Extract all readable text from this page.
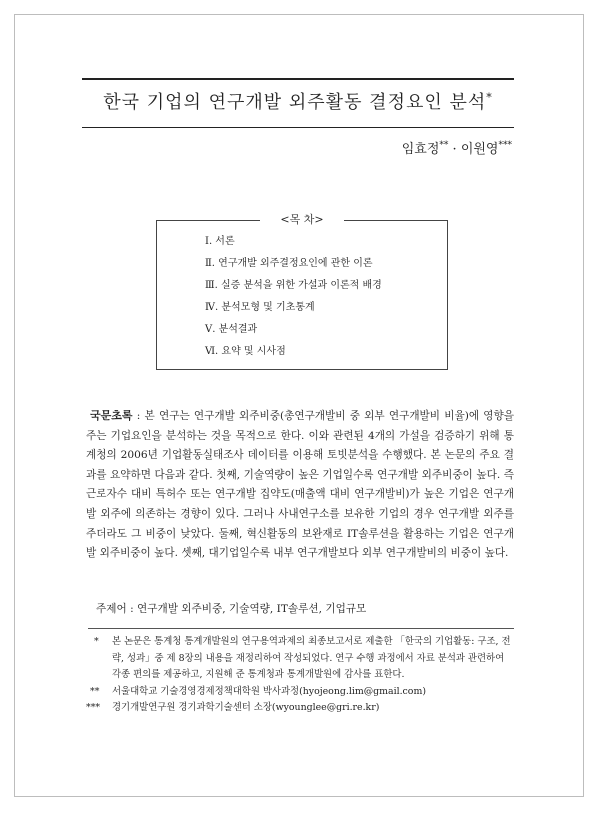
한국 기업의 연구개발 외주활동 결정요인 분석*
임효정** · 이원영***
<목 차>
Ⅰ. 서론
Ⅱ. 연구개발 외주결정요인에 관한 이론
Ⅲ. 실증 분석을 위한 가설과 이론적 배경
Ⅳ. 분석모형 및 기초통계
Ⅴ. 분석결과
Ⅵ. 요약 및 시사점

국문초록 : 본 연구는 연구개발 외주비중(총연구개발비 중 외부 연구개발비 비율)에 영향을 주는 기업요인을 분석하는 것을 목적으로 한다. 이와 관련된 4개의 가설을 검증하기 위해 통계청의 2006년 기업활동실태조사 데이터를 이용해 토빗분석을 수행했다. 본 논문의 주요 결과를 요약하면 다음과 같다. 첫째, 기술역량이 높은 기업일수록 연구개발 외주비중이 높다. 즉 근로자수 대비 특허수 또는 연구개발 집약도(매출액 대비 연구개발비)가 높은 기업은 연구개발 외주에 의존하는 경향이 있다. 그러나 사내연구소를 보유한 기업의 경우 연구개발 외주를 주더라도 그 비중이 낮았다. 둘째, 혁신활동의 보완재로 IT솔루션을 활용하는 기업은 연구개발 외주비중이 높다. 셋째, 대기업일수록 내부 연구개발보다 외부 연구개발비의 비중이 높다.

주제어 : 연구개발 외주비중, 기술역량, IT솔루션, 기업규모

* 본 논문은 통계청 통계개발원의 연구용역과제의 최종보고서로 제출한 「한국의 기업활동: 구조, 전략, 성과」중 제 8장의 내용을 재정리하여 작성되었다. 연구 수행 과정에서 자료 분석과 관련하여 각종 편의를 제공하고, 지원해 준 통계청과 통계개발원에 감사를 표한다.

** 서울대학교 기술경영경제정책대학원 박사과정(hyojeong.lim@gmail.com)

*** 경기개발연구원 경기과학기술센터 소장(wyounglee@gri.re.kr)
